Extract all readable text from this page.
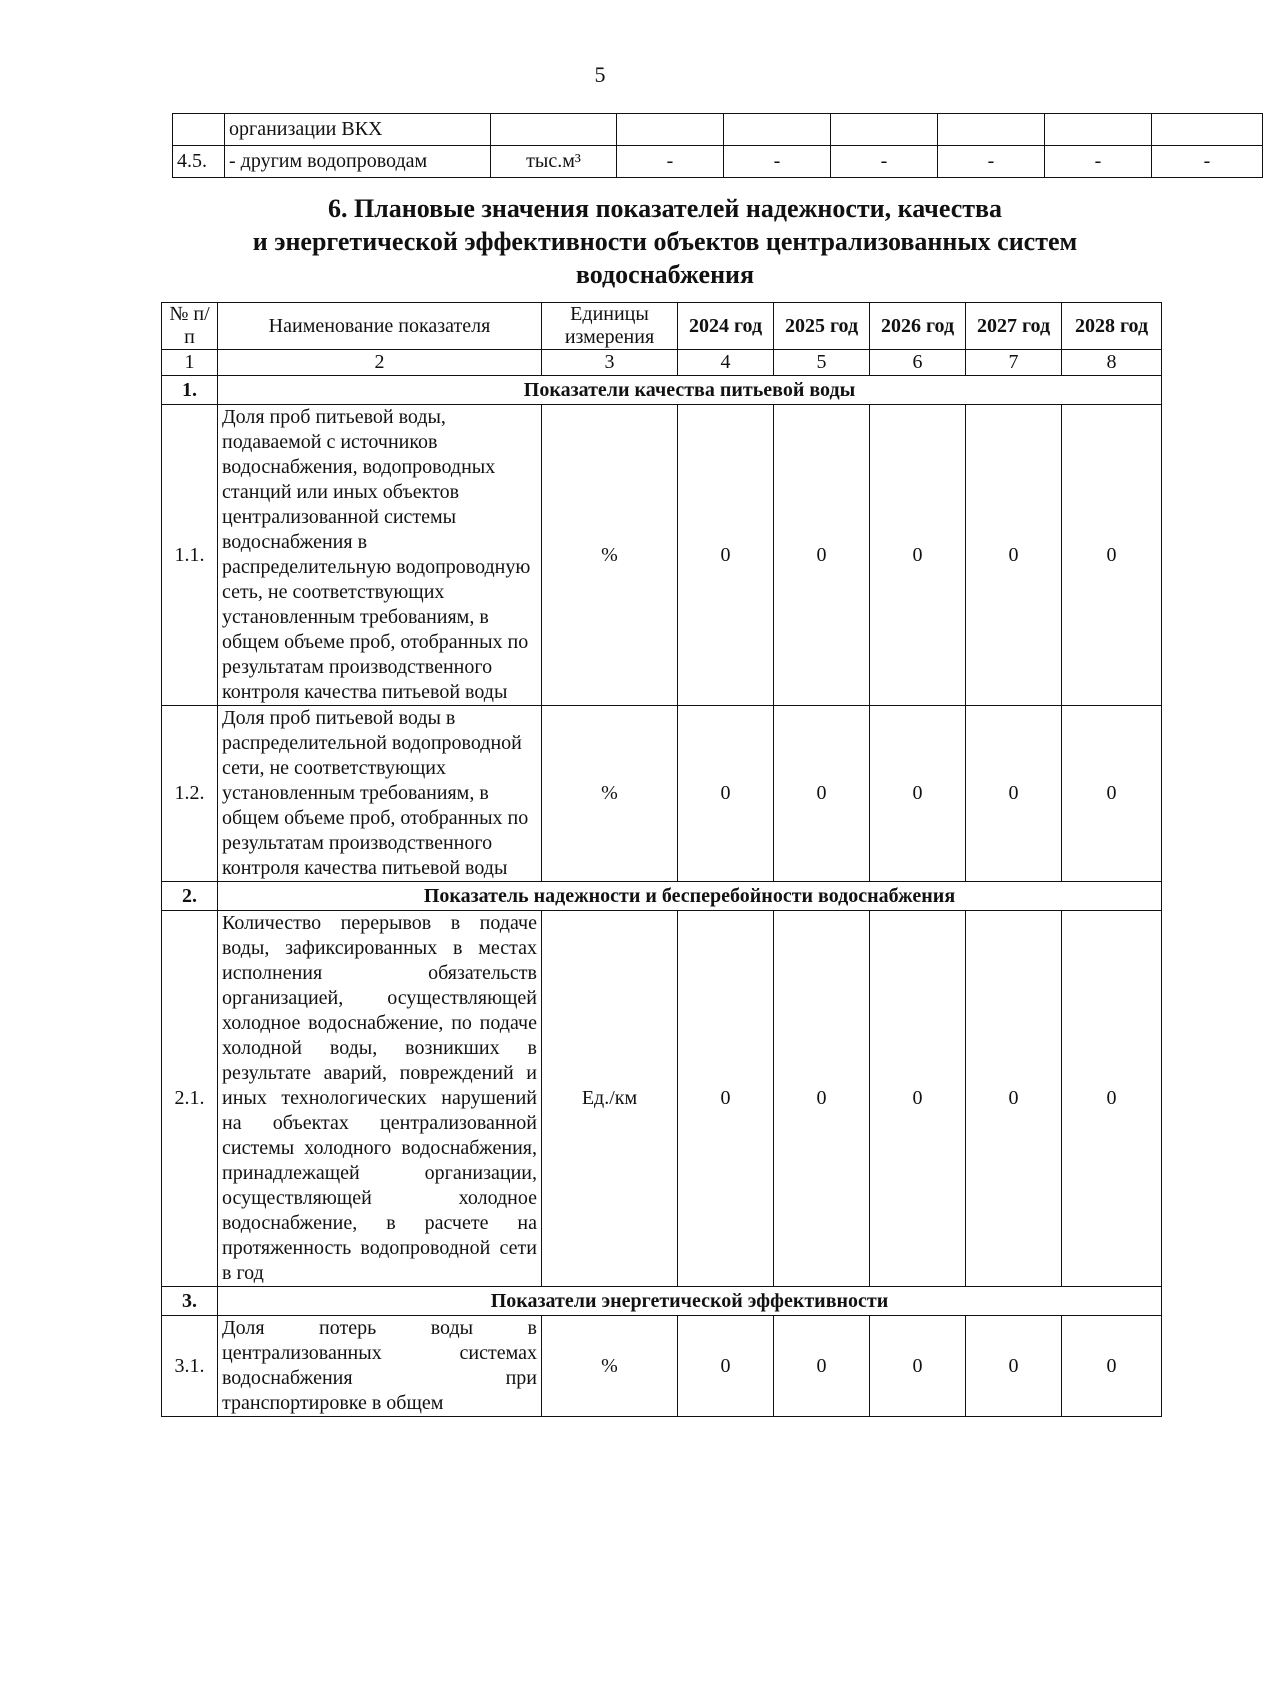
5
	организации ВКХ							
4.5.	- другим водопроводам	тыс.м³	-	-	-	-	-	-
6. Плановые значения показателей надежности, качества
и энергетической эффективности объектов централизованных систем
водоснабжения
№ п/п	Наименование показателя	Единицы измерения	2024 год	2025 год	2026 год	2027 год	2028 год
1	2	3	4	5	6	7	8
1.	Показатели качества питьевой воды						
1.1.	Доля проб питьевой воды, подаваемой с источников водоснабжения, водопроводных станций или иных объектов централизованной системы водоснабжения в распределительную водопроводную сеть, не соответствующих установленным требованиям, в общем объеме проб, отобранных по результатам производственного контроля качества питьевой воды	%	0	0	0	0	0
1.2.	Доля проб питьевой воды в распределительной водопроводной сети, не соответствующих установленным требованиям, в общем объеме проб, отобранных по результатам производственного контроля качества питьевой воды	%	0	0	0	0	0
2.	Показатель надежности и бесперебойности водоснабжения						
2.1.	Количество перерывов в подаче воды, зафиксированных в местах исполнения обязательств организацией, осуществляющей холодное водоснабжение, по подаче холодной воды, возникших в результате аварий, повреждений и иных технологических нарушений на объектах централизованной системы холодного водоснабжения, принадлежащей организации, осуществляющей холодное водоснабжение, в расчете на протяженность водопроводной сети в год	Ед./км	0	0	0	0	0
3.	Показатели энергетической эффективности						
3.1.	Доля потерь воды в централизованных системах водоснабжения при транспортировке в общем	%	0	0	0	0	0
